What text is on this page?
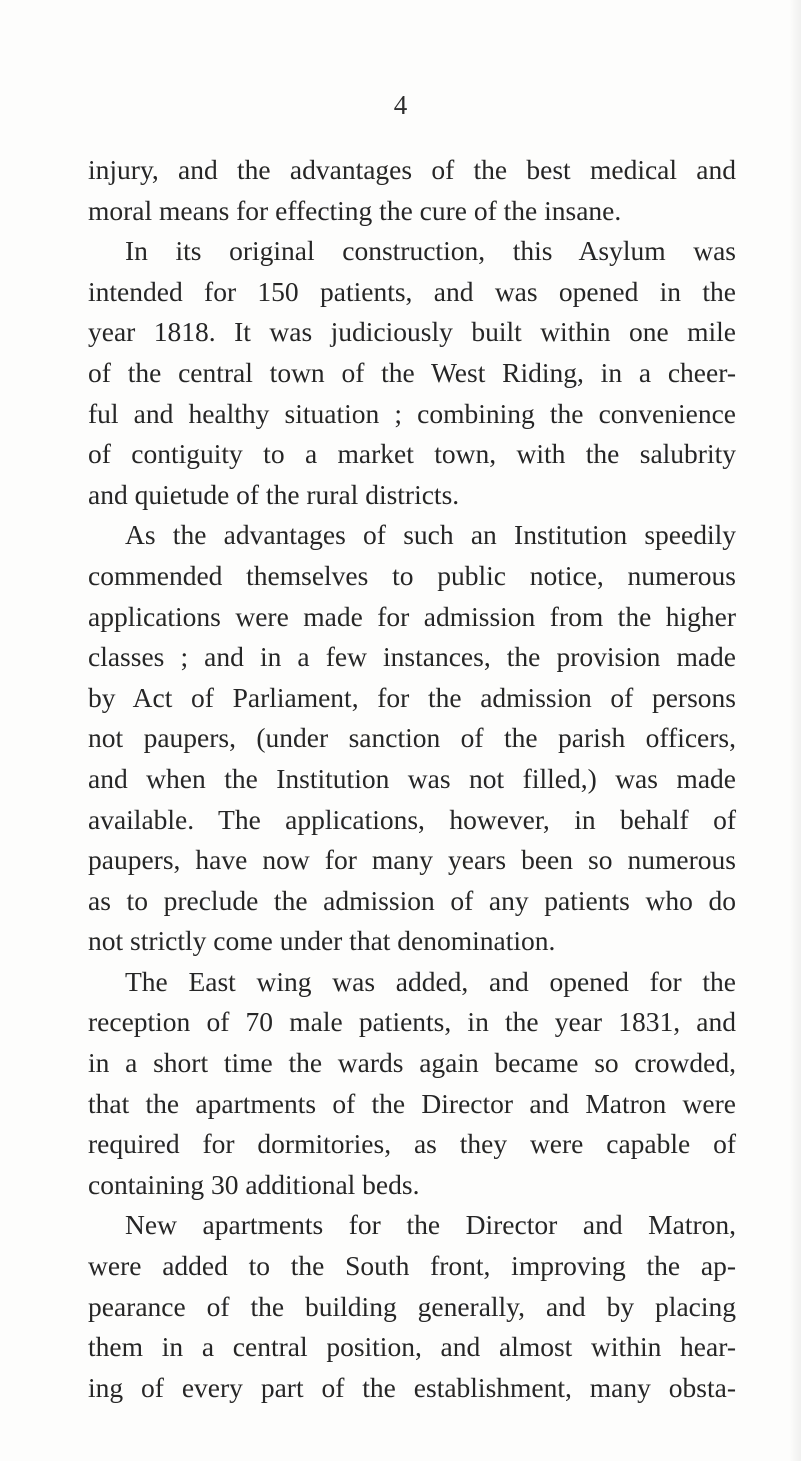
4
injury, and the advantages of the best medical and
moral means for effecting the cure of the insane.
In its original construction, this Asylum was
intended for 150 patients, and was opened in the
year 1818. It was judiciously built within one mile
of the central town of the West Riding, in a cheer-
ful and healthy situation ; combining the convenience
of contiguity to a market town, with the salubrity
and quietude of the rural districts.
As the advantages of such an Institution speedily
commended themselves to public notice, numerous
applications were made for admission from the higher
classes ; and in a few instances, the provision made
by Act of Parliament, for the admission of persons
not paupers, (under sanction of the parish officers,
and when the Institution was not filled,) was made
available. The applications, however, in behalf of
paupers, have now for many years been so numerous
as to preclude the admission of any patients who do
not strictly come under that denomination.
The East wing was added, and opened for the
reception of 70 male patients, in the year 1831, and
in a short time the wards again became so crowded,
that the apartments of the Director and Matron were
required for dormitories, as they were capable of
containing 30 additional beds.
New apartments for the Director and Matron,
were added to the South front, improving the ap-
pearance of the building generally, and by placing
them in a central position, and almost within hear-
ing of every part of the establishment, many obsta-
